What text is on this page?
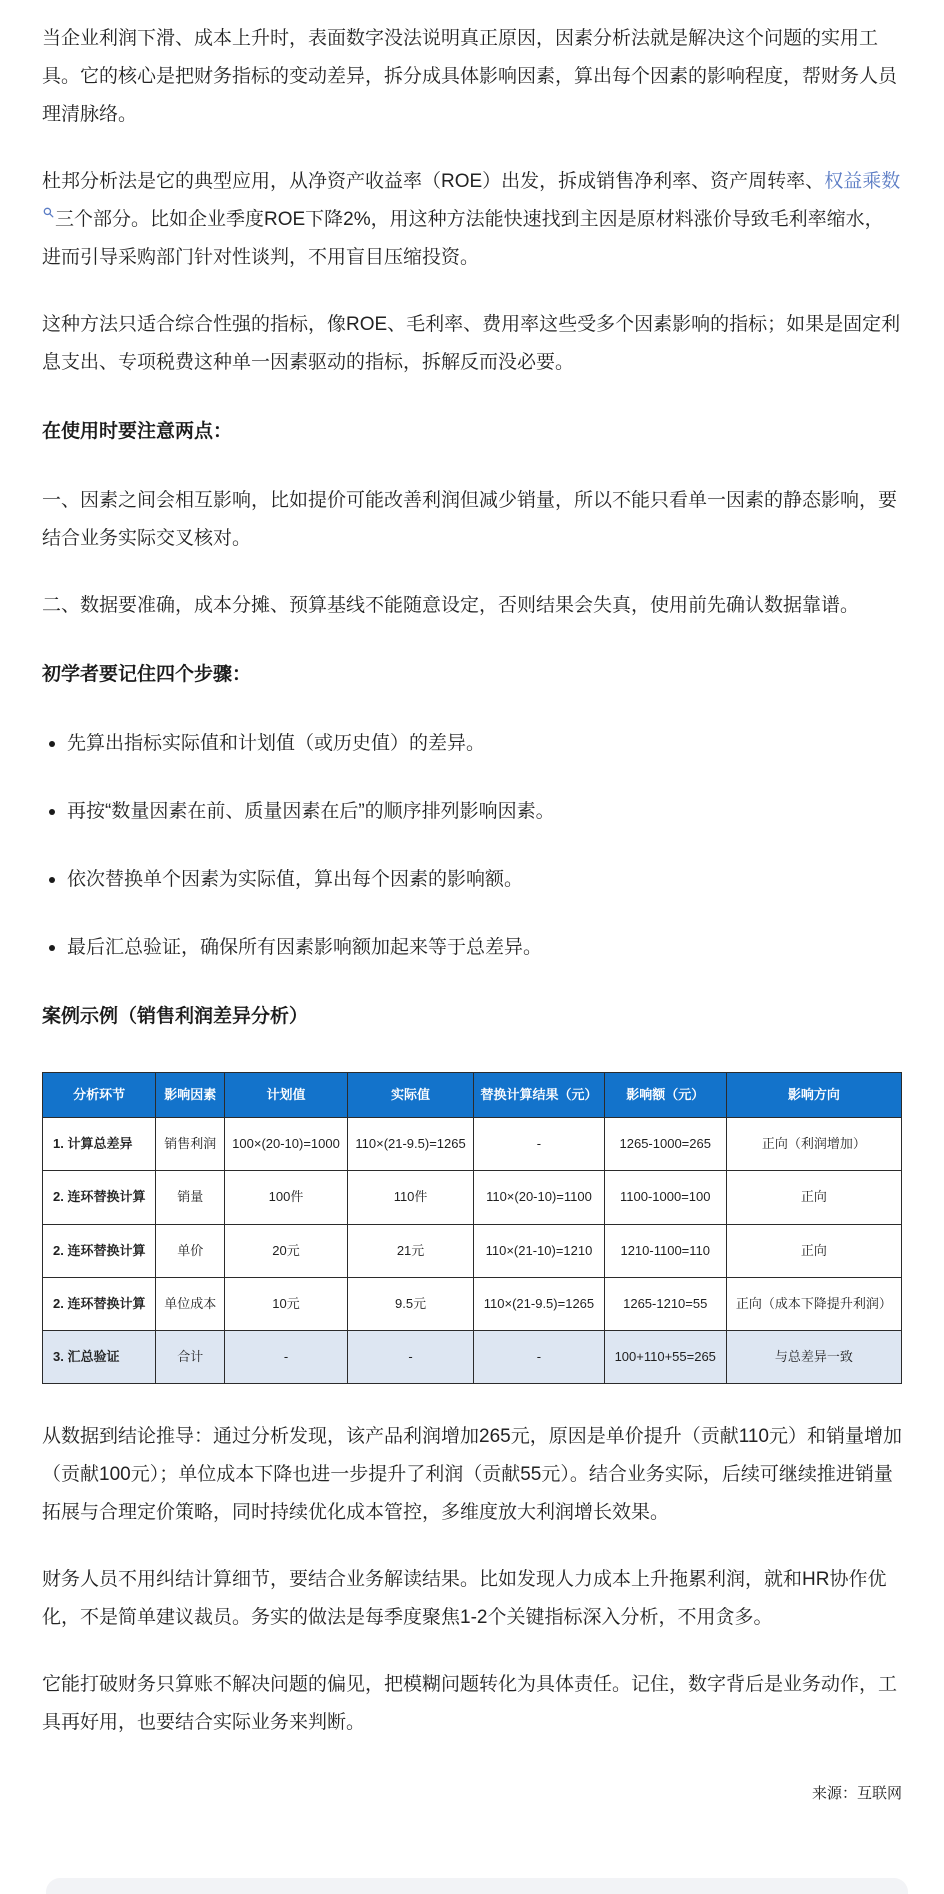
当企业利润下滑、成本上升时，表面数字没法说明真正原因，因素分析法就是解决这个问题的实用工具。它的核心是把财务指标的变动差异，拆分成具体影响因素，算出每个因素的影响程度，帮财务人员理清脉络。

杜邦分析法是它的典型应用，从净资产收益率（ROE）出发，拆成销售净利率、资产周转率、权益乘数三个部分。比如企业季度ROE下降2%，用这种方法能快速找到主因是原材料涨价导致毛利率缩水，进而引导采购部门针对性谈判，不用盲目压缩投资。

这种方法只适合综合性强的指标，像ROE、毛利率、费用率这些受多个因素影响的指标；如果是固定利息支出、专项税费这种单一因素驱动的指标，拆解反而没必要。

在使用时要注意两点：

一、因素之间会相互影响，比如提价可能改善利润但减少销量，所以不能只看单一因素的静态影响，要结合业务实际交叉核对。

二、数据要准确，成本分摊、预算基线不能随意设定，否则结果会失真，使用前先确认数据靠谱。

初学者要记住四个步骤：
先算出指标实际值和计划值（或历史值）的差异。
再按“数量因素在前、质量因素在后”的顺序排列影响因素。
依次替换单个因素为实际值，算出每个因素的影响额。
最后汇总验证，确保所有因素影响额加起来等于总差异。
案例示例（销售利润差异分析）
分析环节	影响因素	计划值	实际值	替换计算结果（元）	影响额（元）	影响方向
1. 计算总差异	销售利润	100×(20-10)=1000	110×(21-9.5)=1265	-	1265-1000=265	正向（利润增加）
2. 连环替换计算	销量	100件	110件	110×(20-10)=1100	1100-1000=100	正向
2. 连环替换计算	单价	20元	21元	110×(21-10)=1210	1210-1100=110	正向
2. 连环替换计算	单位成本	10元	9.5元	110×(21-9.5)=1265	1265-1210=55	正向（成本下降提升利润）
3. 汇总验证	合计	-	-	-	100+110+55=265	与总差异一致

从数据到结论推导：通过分析发现，该产品利润增加265元，原因是单价提升（贡献110元）和销量增加（贡献100元）；单位成本下降也进一步提升了利润（贡献55元）。结合业务实际，后续可继续推进销量拓展与合理定价策略，同时持续优化成本管控，多维度放大利润增长效果。

财务人员不用纠结计算细节，要结合业务解读结果。比如发现人力成本上升拖累利润，就和HR协作优化，不是简单建议裁员。务实的做法是每季度聚焦1-2个关键指标深入分析，不用贪多。

它能打破财务只算账不解决问题的偏见，把模糊问题转化为具体责任。记住，数字背后是业务动作，工具再好用，也要结合实际业务来判断。

来源：互联网
